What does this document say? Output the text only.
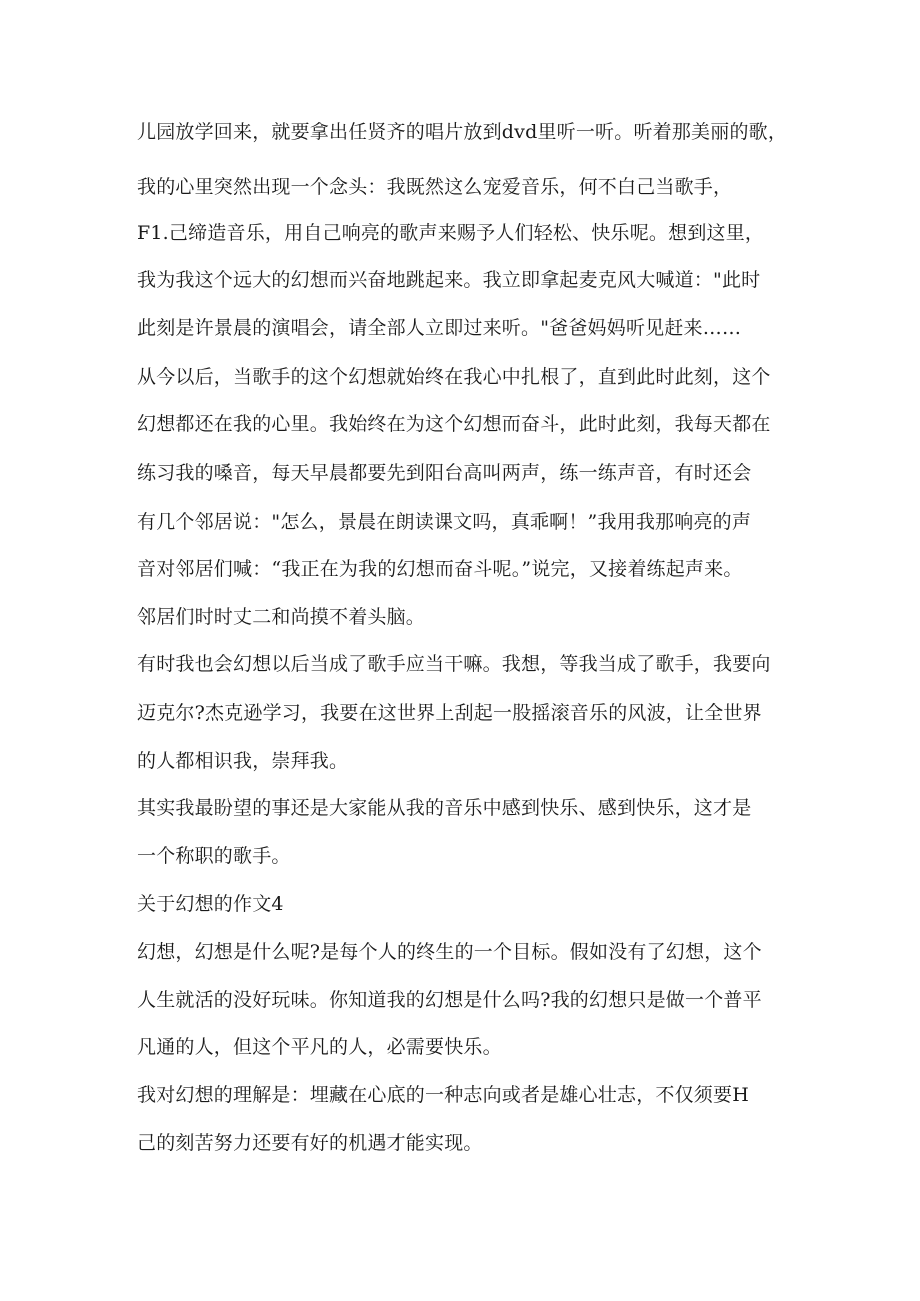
儿园放学回来，就要拿出任贤齐的唱片放到dvd里听一听。听着那美丽的歌，
我的心里突然出现一个念头：我既然这么宠爱音乐，何不白己当歌手，
F1.己缔造音乐，用自己响亮的歌声来赐予人们轻松、快乐呢。想到这里，
我为我这个远大的幻想而兴奋地跳起来。我立即拿起麦克风大喊道："此时
此刻是许景晨的演唱会，请全部人立即过来听。"爸爸妈妈听见赶来……
从今以后，当歌手的这个幻想就始终在我心中扎根了，直到此时此刻，这个
幻想都还在我的心里。我始终在为这个幻想而奋斗，此时此刻，我每天都在
练习我的嗓音，每天早晨都要先到阳台高叫两声，练一练声音，有时还会
有几个邻居说："怎么，景晨在朗读课文吗，真乖啊！”我用我那响亮的声
音对邻居们喊：“我正在为我的幻想而奋斗呢。”说完，又接着练起声来。
邻居们时时丈二和尚摸不着头脑。
有时我也会幻想以后当成了歌手应当干嘛。我想，等我当成了歌手，我要向
迈克尔?杰克逊学习，我要在这世界上刮起一股摇滚音乐的风波，让全世界
的人都相识我，崇拜我。
其实我最盼望的事还是大家能从我的音乐中感到快乐、感到快乐，这才是
一个称职的歌手。
关于幻想的作文4
幻想，幻想是什么呢?是每个人的终生的一个目标。假如没有了幻想，这个
人生就活的没好玩味。你知道我的幻想是什么吗?我的幻想只是做一个普平
凡通的人，但这个平凡的人，必需要快乐。
我对幻想的理解是：埋藏在心底的一种志向或者是雄心壮志，不仅须要H
己的刻苦努力还要有好的机遇才能实现。
